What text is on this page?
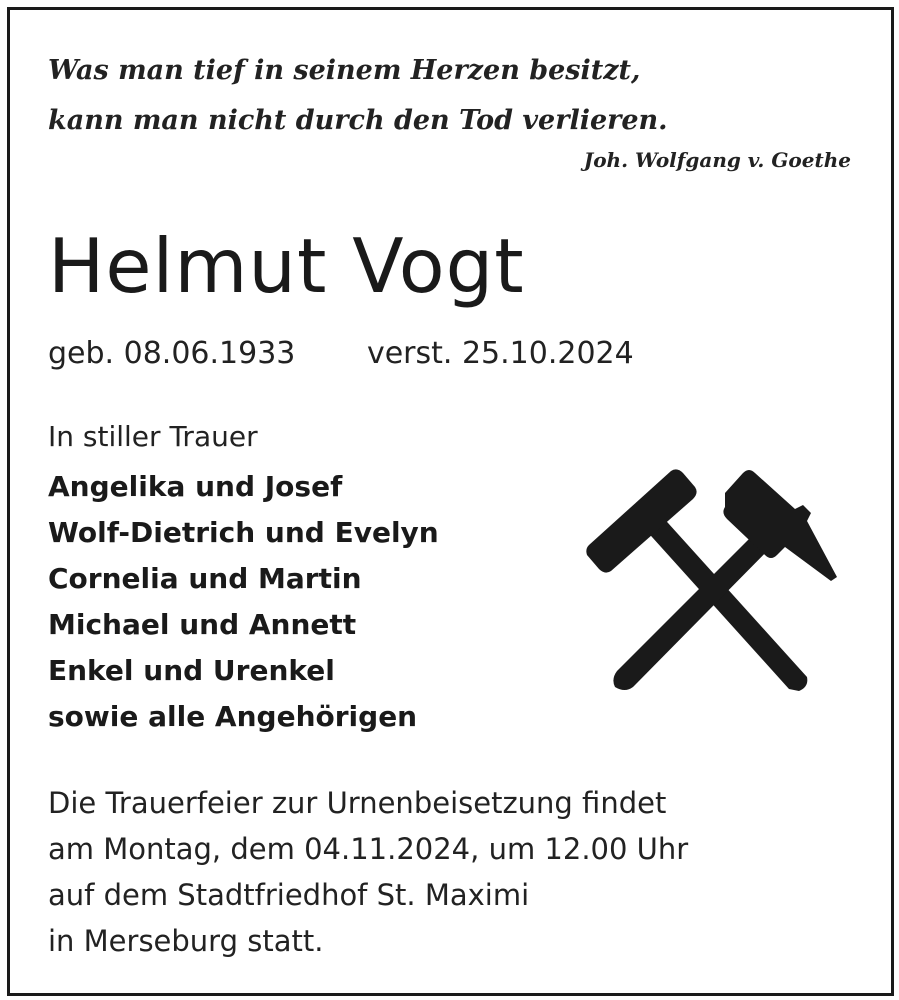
Was man tief in seinem Herzen besitzt,
kann man nicht durch den Tod verlieren.
Joh. Wolfgang v. Goethe
Helmut Vogt
geb. 08.06.1933 verst. 25.10.2024
In stiller Trauer
Angelika und Josef
Wolf-Dietrich und Evelyn
Cornelia und Martin
Michael und Annett
Enkel und Urenkel
sowie alle Angehörigen
Die Trauerfeier zur Urnenbeisetzung findet
am Montag, dem 04.11.2024, um 12.00 Uhr
auf dem Stadtfriedhof St. Maximi
in Merseburg statt.
